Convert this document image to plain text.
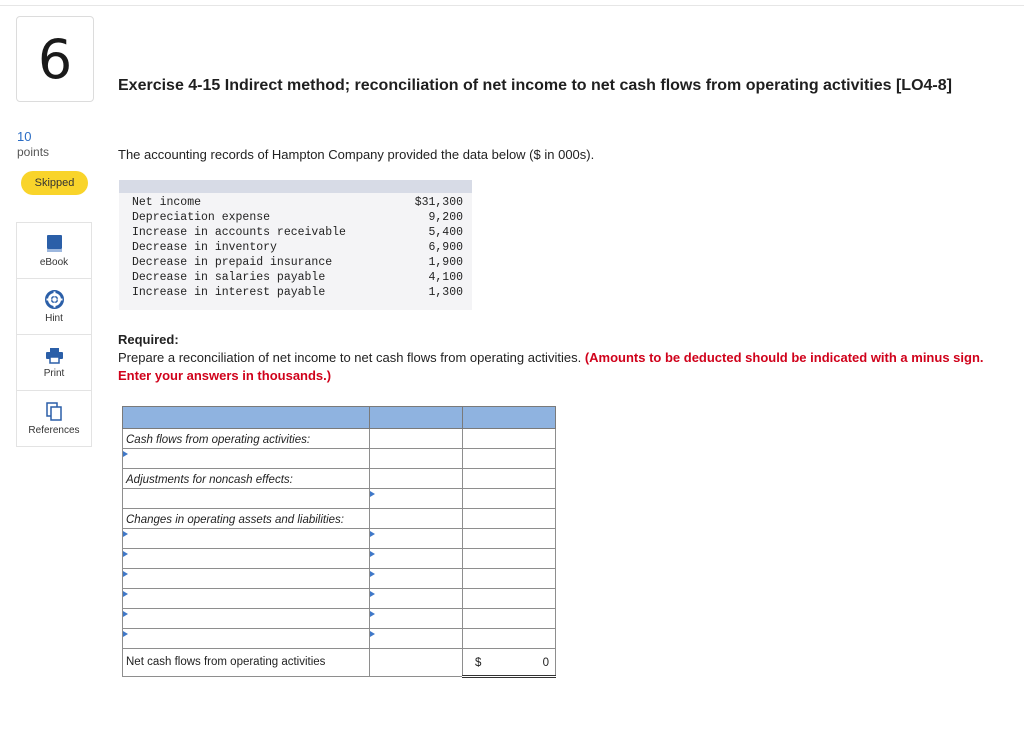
6
10
points
Skipped
eBook
Hint
Print
References
Exercise 4-15 Indirect method; reconciliation of net income to net cash flows from operating activities [LO4-8]
The accounting records of Hampton Company provided the data below ($ in 000s).
Net income	$31,300
Depreciation expense	9,200
Increase in accounts receivable	5,400
Decrease in inventory	6,900
Decrease in prepaid insurance	1,900
Decrease in salaries payable	4,100
Increase in interest payable	1,300
Required:
Prepare a reconciliation of net income to net cash flows from operating activities. (Amounts to be deducted should be indicated with a minus sign. Enter your answers in thousands.)

Cash flows from operating activities:		

Adjustments for noncash effects:		

Changes in operating assets and liabilities:		

Net cash flows from operating activities		$ 0
